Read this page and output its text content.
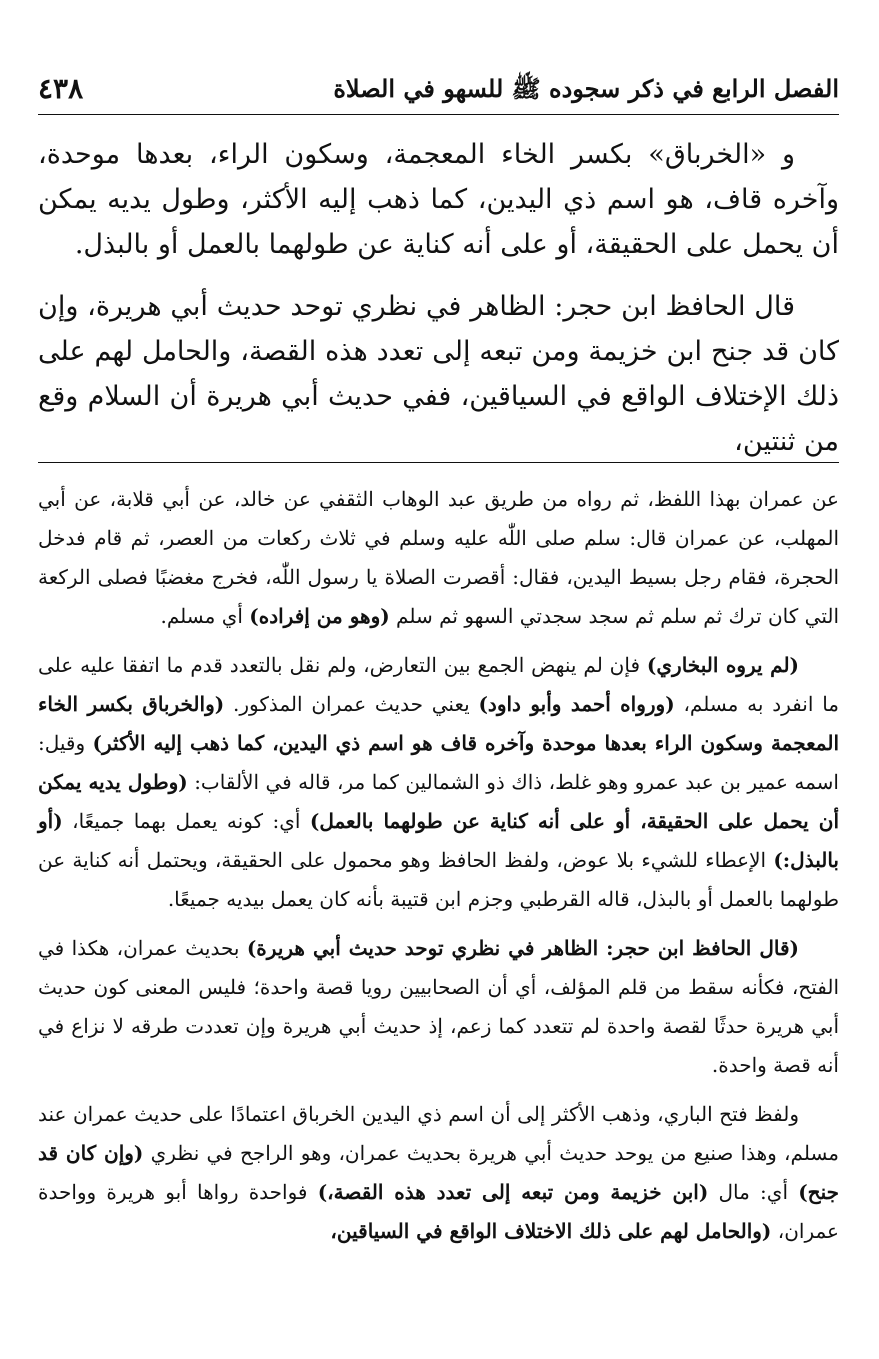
الفصل الرابع في ذكر سجوده ﷺ للسهو في الصلاة
٤٣٨

و «الخرباق» بكسر الخاء المعجمة، وسكون الراء، بعدها موحدة، وآخره قاف، هو اسم ذي اليدين، كما ذهب إليه الأكثر، وطول يديه يمكن أن يحمل على الحقيقة، أو على أنه كناية عن طولهما بالعمل أو بالبذل.

قال الحافظ ابن حجر: الظاهر في نظري توحد حديث أبي هريرة، وإن كان قد جنح ابن خزيمة ومن تبعه إلى تعدد هذه القصة، والحامل لهم على ذلك الإختلاف الواقع في السياقين، ففي حديث أبي هريرة أن السلام وقع من ثنتين،

عن عمران بهذا اللفظ، ثم رواه من طريق عبد الوهاب الثقفي عن خالد، عن أبي قلابة، عن أبي المهلب، عن عمران قال: سلم صلى اللّٰه عليه وسلم في ثلاث ركعات من العصر، ثم قام فدخل الحجرة، فقام رجل بسيط اليدين، فقال: أقصرت الصلاة يا رسول اللّٰه، فخرج مغضبًا فصلى الركعة التي كان ترك ثم سلم ثم سجد سجدتي السهو ثم سلم (وهو من إفراده) أي مسلم.

(لم يروه البخاري) فإن لم ينهض الجمع بين التعارض، ولم نقل بالتعدد قدم ما اتفقا عليه على ما انفرد به مسلم، (ورواه أحمد وأبو داود) يعني حديث عمران المذكور. (والخرباق بكسر الخاء المعجمة وسكون الراء بعدها موحدة وآخره قاف هو اسم ذي اليدين، كما ذهب إليه الأكثر) وقيل: اسمه عمير بن عبد عمرو وهو غلط، ذاك ذو الشمالين كما مر، قاله في الألقاب: (وطول يديه يمكن أن يحمل على الحقيقة، أو على أنه كناية عن طولهما بالعمل) أي: كونه يعمل بهما جميعًا، (أو بالبذل:) الإعطاء للشيء بلا عوض، ولفظ الحافظ وهو محمول على الحقيقة، ويحتمل أنه كناية عن طولهما بالعمل أو بالبذل، قاله القرطبي وجزم ابن قتيبة بأنه كان يعمل بيديه جميعًا.

(قال الحافظ ابن حجر: الظاهر في نظري توحد حديث أبي هريرة) بحديث عمران، هكذا في الفتح، فكأنه سقط من قلم المؤلف، أي أن الصحابيين رويا قصة واحدة؛ فليس المعنى كون حديث أبي هريرة حدثًا لقصة واحدة لم تتعدد كما زعم، إذ حديث أبي هريرة وإن تعددت طرقه لا نزاع في أنه قصة واحدة.

ولفظ فتح الباري، وذهب الأكثر إلى أن اسم ذي اليدين الخرباق اعتمادًا على حديث عمران عند مسلم، وهذا صنيع من يوحد حديث أبي هريرة بحديث عمران، وهو الراجح في نظري (وإن كان قد جنح) أي: مال (ابن خزيمة ومن تبعه إلى تعدد هذه القصة،) فواحدة رواها أبو هريرة وواحدة عمران، (والحامل لهم على ذلك الاختلاف الواقع في السياقين،
